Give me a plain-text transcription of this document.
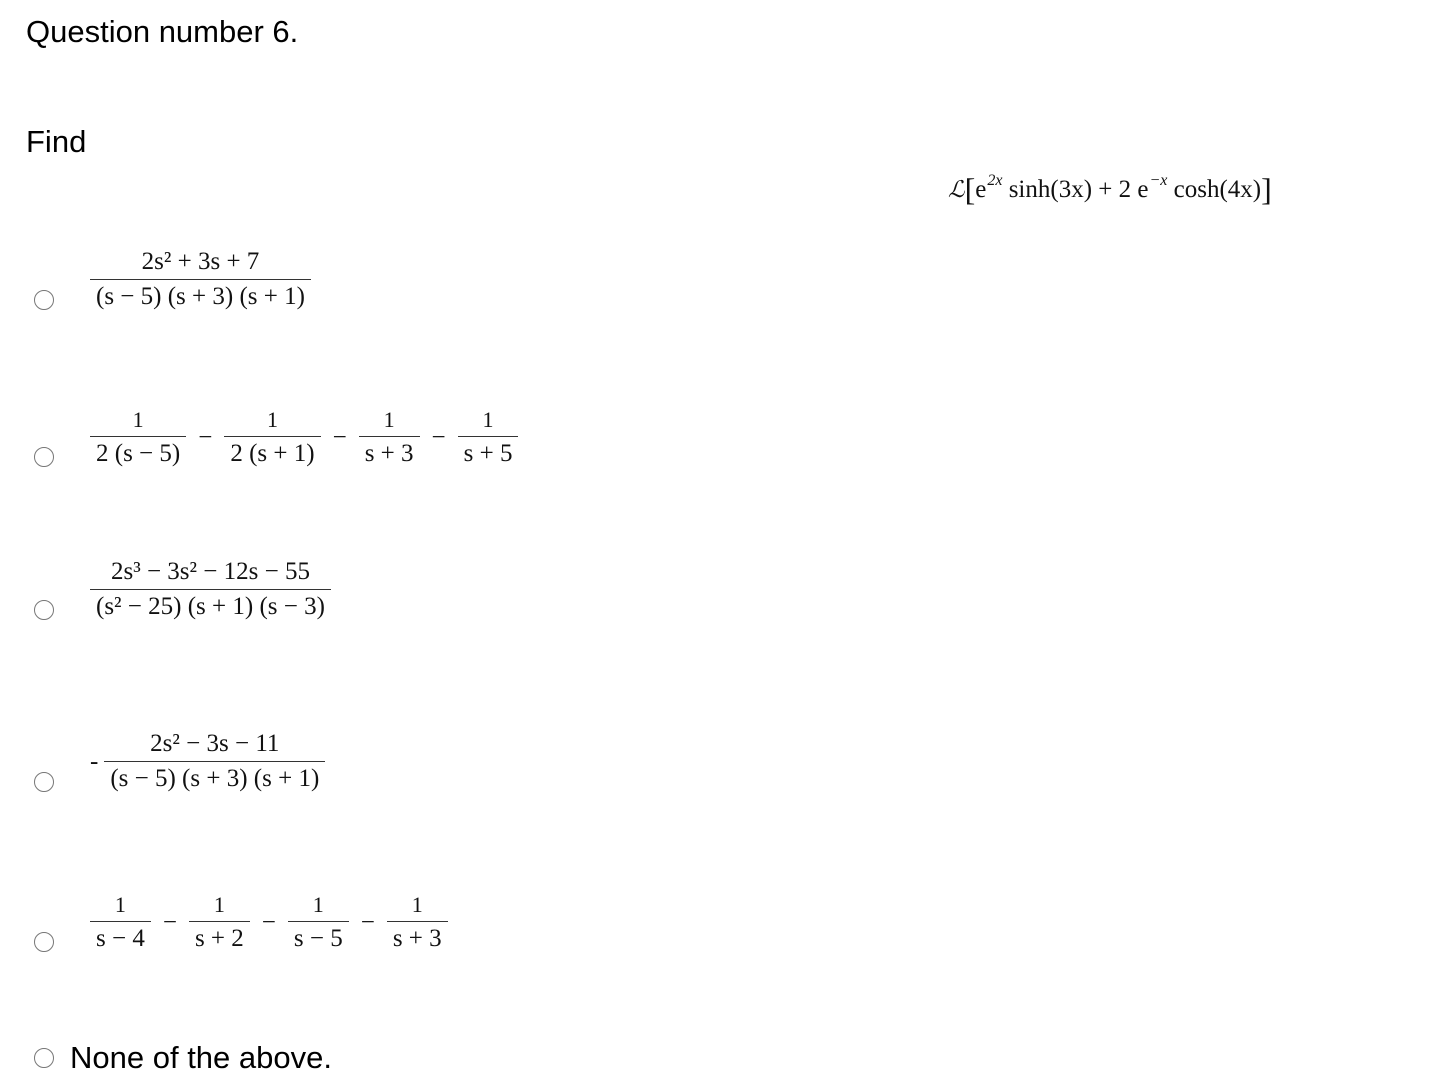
Question number 6.
Find
$ℒ[e^{2x}$ sinh(3x) + 2 $e^{-x}$ cosh(4x)]
$\frac{\text{2s² + 3s + 7}}{(s - 5) (s + 3) (s + 1)}$
$\frac{1}{2 (s - 5)} - \frac{1}{2 (s + 1)} - \frac{1}{s + 3} - \frac{1}{s + 5}$
$\frac{\text{2s³ − 3s² − 12s − 55}}{\text{(s² − 25) (s + 1) (s − 3)}}$
- $\frac{\text{2s² − 3s − 11}}{(s - 5) (s + 3) (s + 1)}$
$\frac{1}{s - 4} - \frac{1}{s + 2} - \frac{1}{s - 5} - \frac{1}{s + 3}$
None of the above.
